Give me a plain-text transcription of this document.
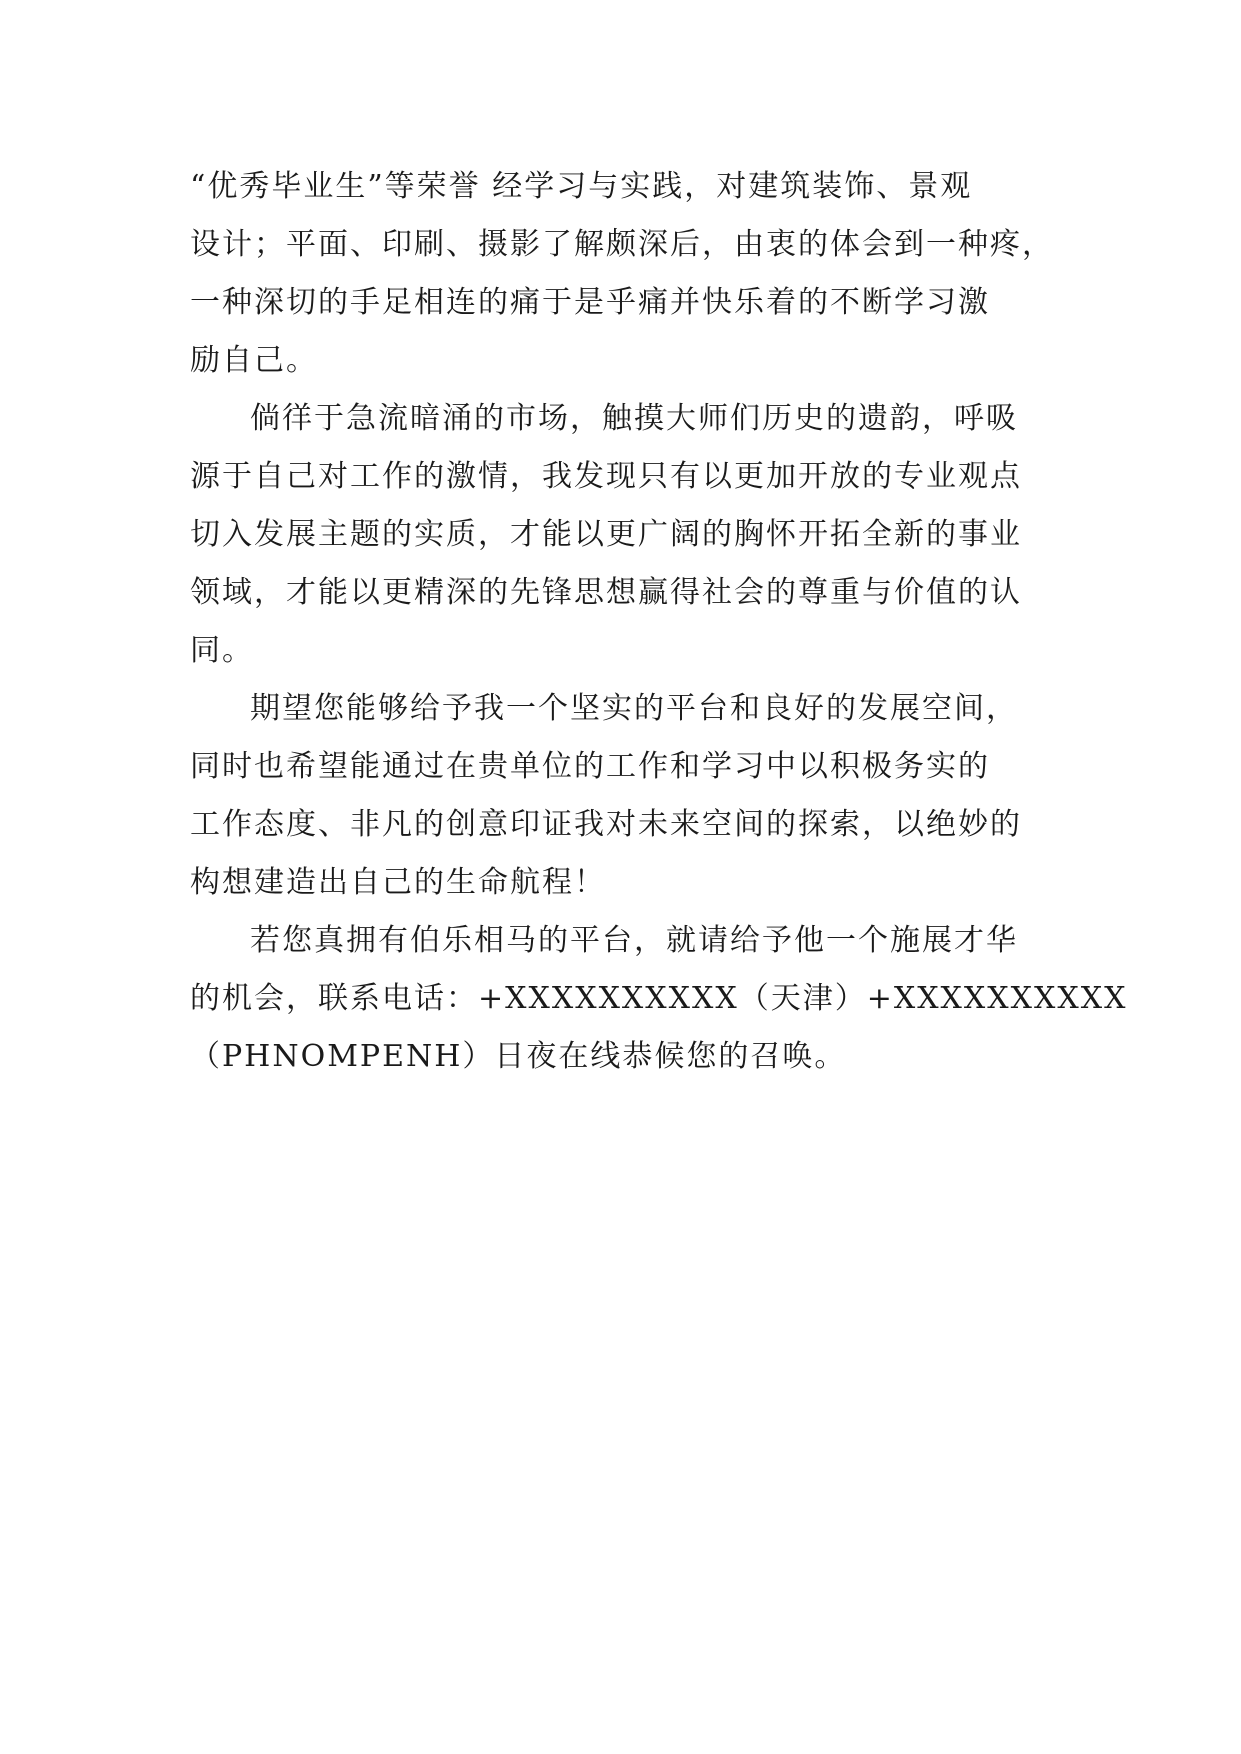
“优秀毕业生”等荣誉 经学习与实践，对建筑装饰、景观
设计；平面、印刷、摄影了解颇深后，由衷的体会到一种疼，
一种深切的手足相连的痛于是乎痛并快乐着的不断学习激
励自己。
倘徉于急流暗涌的市场，触摸大师们历史的遗韵，呼吸
源于自己对工作的激情，我发现只有以更加开放的专业观点
切入发展主题的实质，才能以更广阔的胸怀开拓全新的事业
领域，才能以更精深的先锋思想赢得社会的尊重与价值的认
同。
期望您能够给予我一个坚实的平台和良好的发展空间，
同时也希望能通过在贵单位的工作和学习中以积极务实的
工作态度、非凡的创意印证我对未来空间的探索，以绝妙的
构想建造出自己的生命航程！
若您真拥有伯乐相马的平台，就请给予他一个施展才华
的机会，联系电话：+XXXXXXXXXX（天津）+XXXXXXXXXX
（PHNOMPENH）日夜在线恭候您的召唤。
